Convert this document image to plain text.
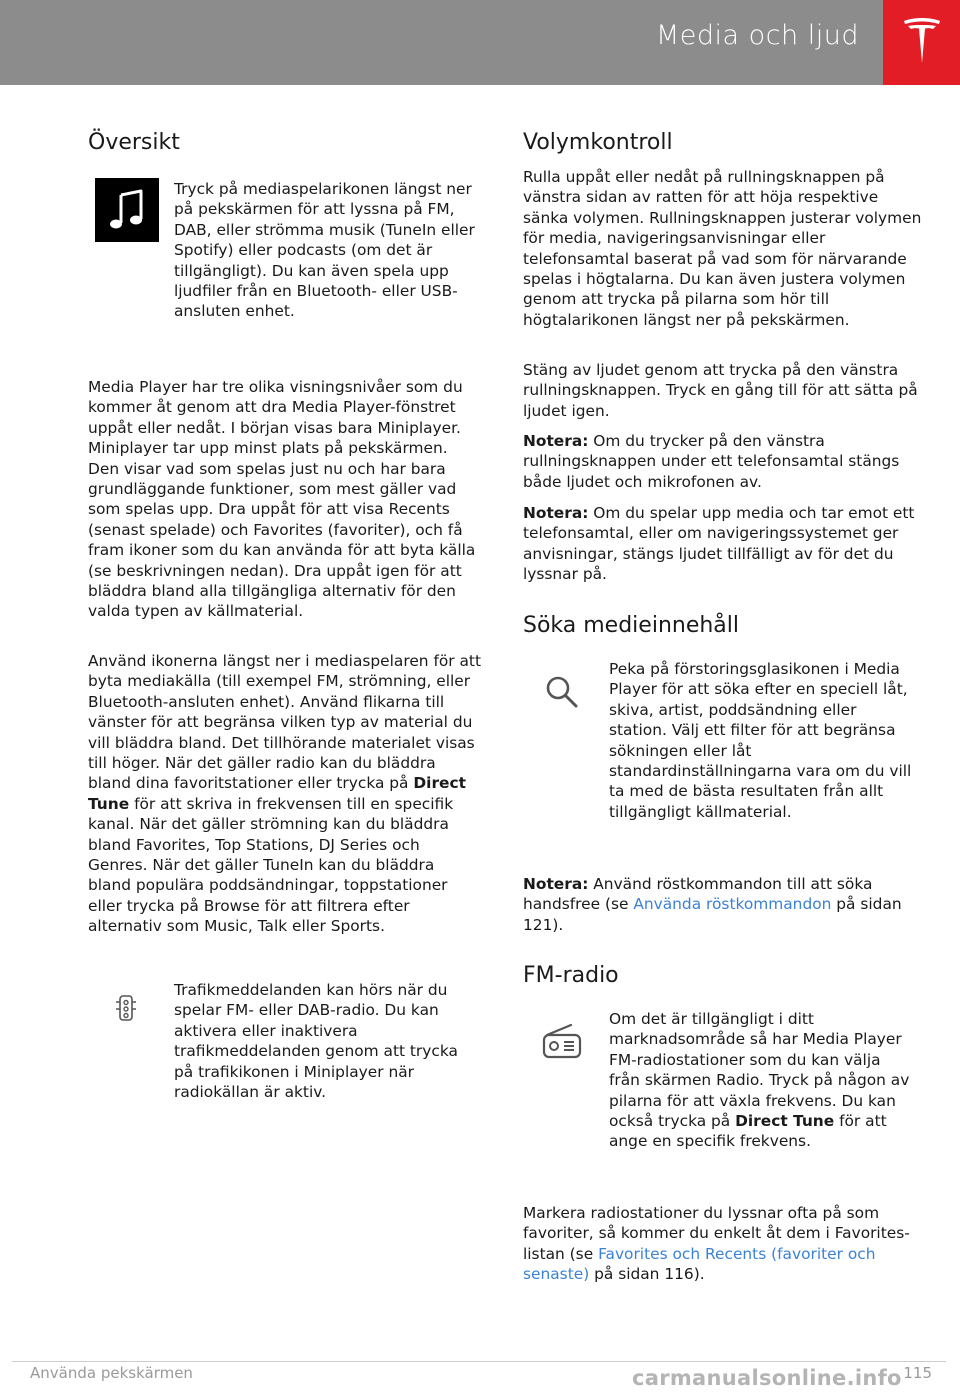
Media och ljud
Översikt

Tryck på mediaspelarikonen längst ner på pekskärmen för att lyssna på FM, DAB, eller strömma musik (TuneIn eller Spotify) eller podcasts (om det är tillgängligt). Du kan även spela upp ljudfiler från en Bluetooth- eller USB-ansluten enhet.

Media Player har tre olika visningsnivåer som du kommer åt genom att dra Media Player-fönstret uppåt eller nedåt. I början visas bara Miniplayer. Miniplayer tar upp minst plats på pekskärmen. Den visar vad som spelas just nu och har bara grundläggande funktioner, som mest gäller vad som spelas upp. Dra uppåt för att visa Recents (senast spelade) och Favorites (favoriter), och få fram ikoner som du kan använda för att byta källa (se beskrivningen nedan). Dra uppåt igen för att bläddra bland alla tillgängliga alternativ för den valda typen av källmaterial.

Använd ikonerna längst ner i mediaspelaren för att byta mediakälla (till exempel FM, strömning, eller Bluetooth-ansluten enhet). Använd flikarna till vänster för att begränsa vilken typ av material du vill bläddra bland. Det tillhörande materialet visas till höger. När det gäller radio kan du bläddra bland dina favoritstationer eller trycka på Direct Tune för att skriva in frekvensen till en specifik kanal. När det gäller strömning kan du bläddra bland Favorites, Top Stations, DJ Series och Genres. När det gäller TuneIn kan du bläddra bland populära poddsändningar, toppstationer eller trycka på Browse för att filtrera efter alternativ som Music, Talk eller Sports.

Trafikmeddelanden kan hörs när du spelar FM- eller DAB-radio. Du kan aktivera eller inaktivera trafikmeddelanden genom att trycka på trafikikonen i Miniplayer när radiokällan är aktiv.

Volymkontroll

Rulla uppåt eller nedåt på rullningsknappen på vänstra sidan av ratten för att höja respektive sänka volymen. Rullningsknappen justerar volymen för media, navigeringsanvisningar eller telefonsamtal baserat på vad som för närvarande spelas i högtalarna. Du kan även justera volymen genom att trycka på pilarna som hör till högtalarikonen längst ner på pekskärmen.

Stäng av ljudet genom att trycka på den vänstra rullningsknappen. Tryck en gång till för att sätta på ljudet igen.

Notera: Om du trycker på den vänstra rullningsknappen under ett telefonsamtal stängs både ljudet och mikrofonen av.

Notera: Om du spelar upp media och tar emot ett telefonsamtal, eller om navigeringssystemet ger anvisningar, stängs ljudet tillfälligt av för det du lyssnar på.

Söka medieinnehåll

Peka på förstoringsglasikonen i Media Player för att söka efter en speciell låt, skiva, artist, poddsändning eller station. Välj ett filter för att begränsa sökningen eller låt standardinställningarna vara om du vill ta med de bästa resultaten från allt tillgängligt källmaterial.

Notera: Använd röstkommandon till att söka handsfree (se Använda röstkommandon på sidan 121).

FM-radio

Om det är tillgängligt i ditt marknadsområde så har Media Player FM-radiostationer som du kan välja från skärmen Radio. Tryck på någon av pilarna för att växla frekvens. Du kan också trycka på Direct Tune för att ange en specifik frekvens.

Markera radiostationer du lyssnar ofta på som favoriter, så kommer du enkelt åt dem i Favorites-listan (se Favorites och Recents (favoriter och senaste) på sidan 116).

Använda pekskärmen	carmanualsonline.info 115
